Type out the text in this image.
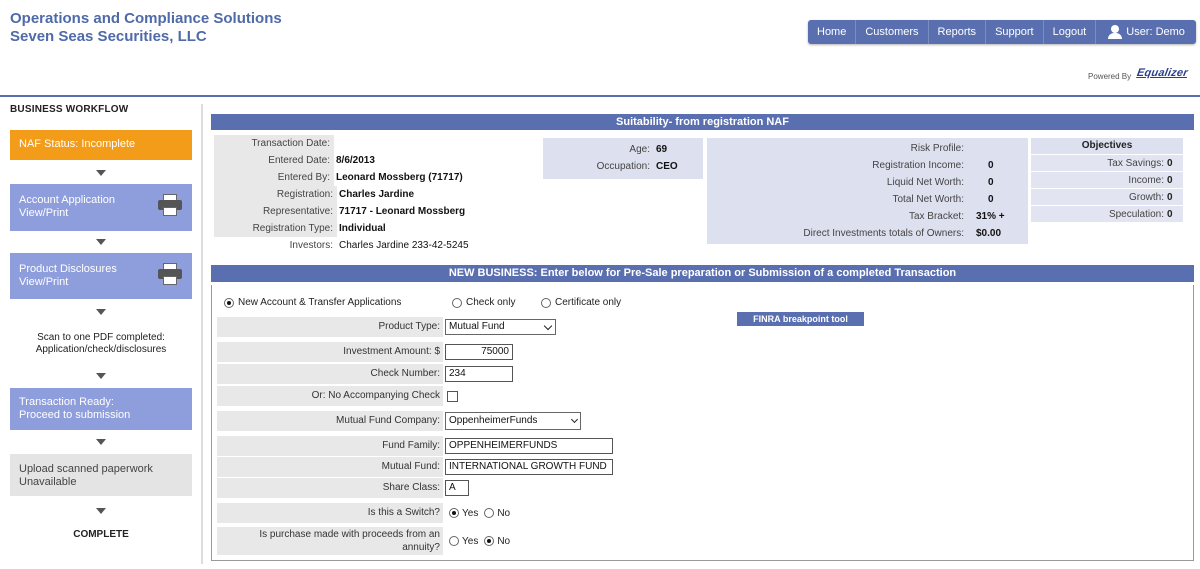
Operations and Compliance Solutions
Seven Seas Securities, LLC	Home	Customers	Reports	Support	Logout	User: Demo
Powered By Equalizer
BUSINESS WORKFLOW
NAF Status: Incomplete
Account Application
View/Print
Product Disclosures
View/Print
Scan to one PDF completed:
Application/check/disclosures
Transaction Ready:
Proceed to submission
Upload scanned paperwork
Unavailable
COMPLETE
Suitability- from registration NAF
Transaction Date:
Entered Date: 8/6/2013
Entered By: Leonard Mossberg (71717)
Registration: Charles Jardine
Representative: 71717 - Leonard Mossberg
Registration Type: Individual
Investors: Charles Jardine 233-42-5245
Age: 69
Occupation: CEO
Risk Profile:
Registration Income:	0
Liquid Net Worth:	0
Total Net Worth:	0
Tax Bracket:	31% +
Direct Investments totals of Owners:	$0.00
Objectives
Tax Savings: 0
Income: 0
Growth: 0
Speculation: 0
NEW BUSINESS: Enter below for Pre-Sale preparation or Submission of a completed Transaction
New Account & Transfer Applications	Check only	Certificate only
FINRA breakpoint tool
Product Type: Mutual Fund
Investment Amount: $	75000
Check Number: 234
Or: No Accompanying Check
Mutual Fund Company: OppenheimerFunds
Fund Family: OPPENHEIMERFUNDS
Mutual Fund: INTERNATIONAL GROWTH FUND
Share Class: A
Is this a Switch?	Yes No
Is purchase made with proceeds from an
annuity?
Yes No
